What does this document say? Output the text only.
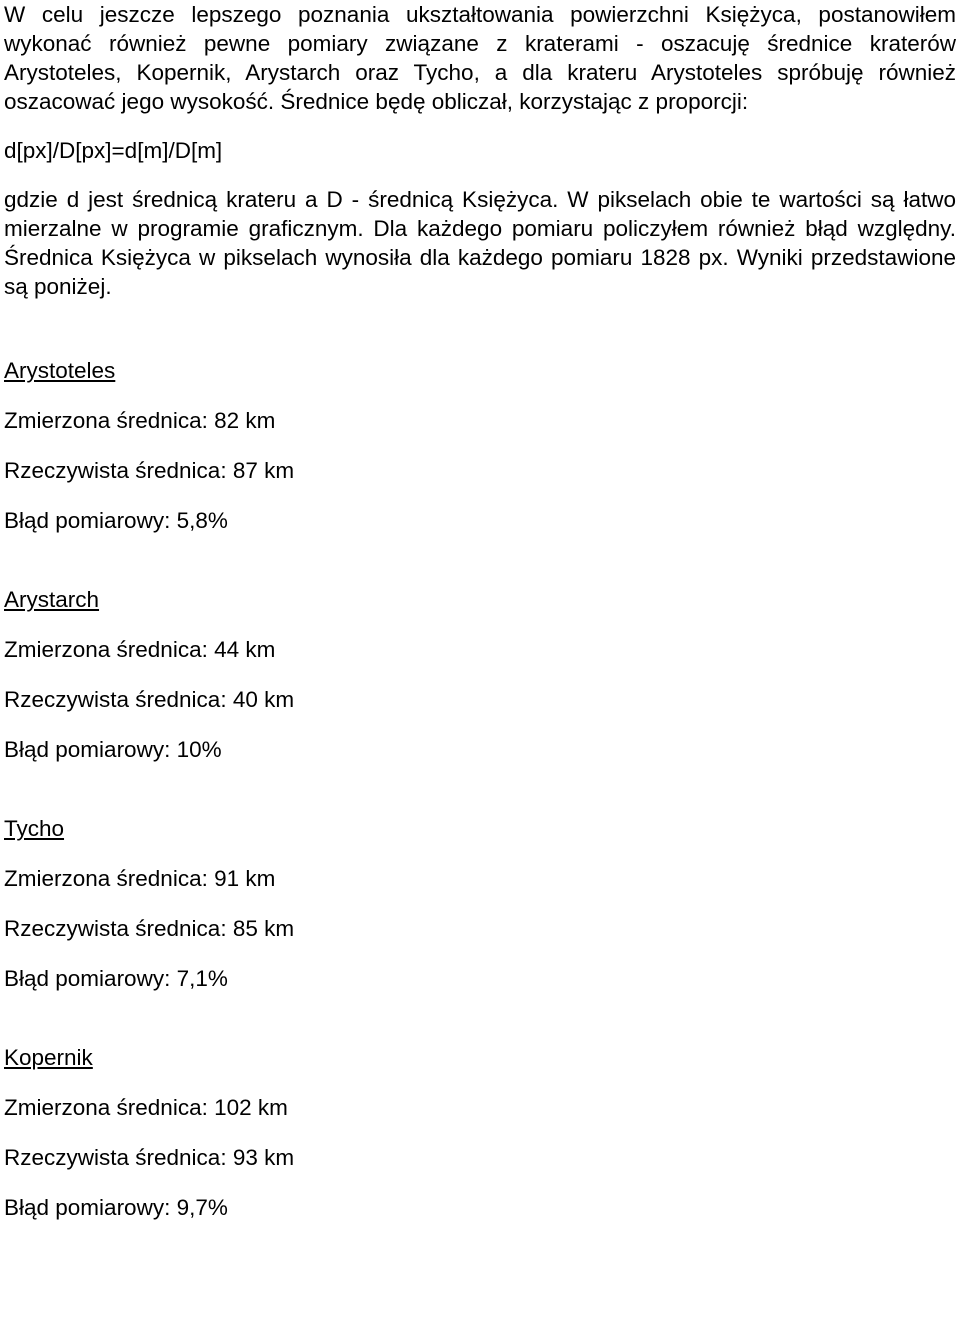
W celu jeszcze lepszego poznania ukształtowania powierzchni Księżyca, postanowiłem wykonać również pewne pomiary związane z kraterami - oszacuję średnice kraterów Arystoteles, Kopernik, Arystarch oraz Tycho, a dla krateru Arystoteles spróbuję również oszacować jego wysokość. Średnice będę obliczał, korzystając z proporcji:

d[px]/D[px]=d[m]/D[m]

gdzie d jest średnicą krateru a D - średnicą Księżyca. W pikselach obie te wartości są łatwo mierzalne w programie graficznym. Dla każdego pomiaru policzyłem również błąd względny. Średnica Księżyca w pikselach wynosiła dla każdego pomiaru 1828 px. Wyniki przedstawione są poniżej.

Arystoteles

Zmierzona średnica: 82 km

Rzeczywista średnica: 87 km

Błąd pomiarowy: 5,8%

Arystarch

Zmierzona średnica: 44 km

Rzeczywista średnica: 40 km

Błąd pomiarowy: 10%

Tycho

Zmierzona średnica: 91 km

Rzeczywista średnica: 85 km

Błąd pomiarowy: 7,1%

Kopernik

Zmierzona średnica: 102 km

Rzeczywista średnica: 93 km

Błąd pomiarowy: 9,7%
